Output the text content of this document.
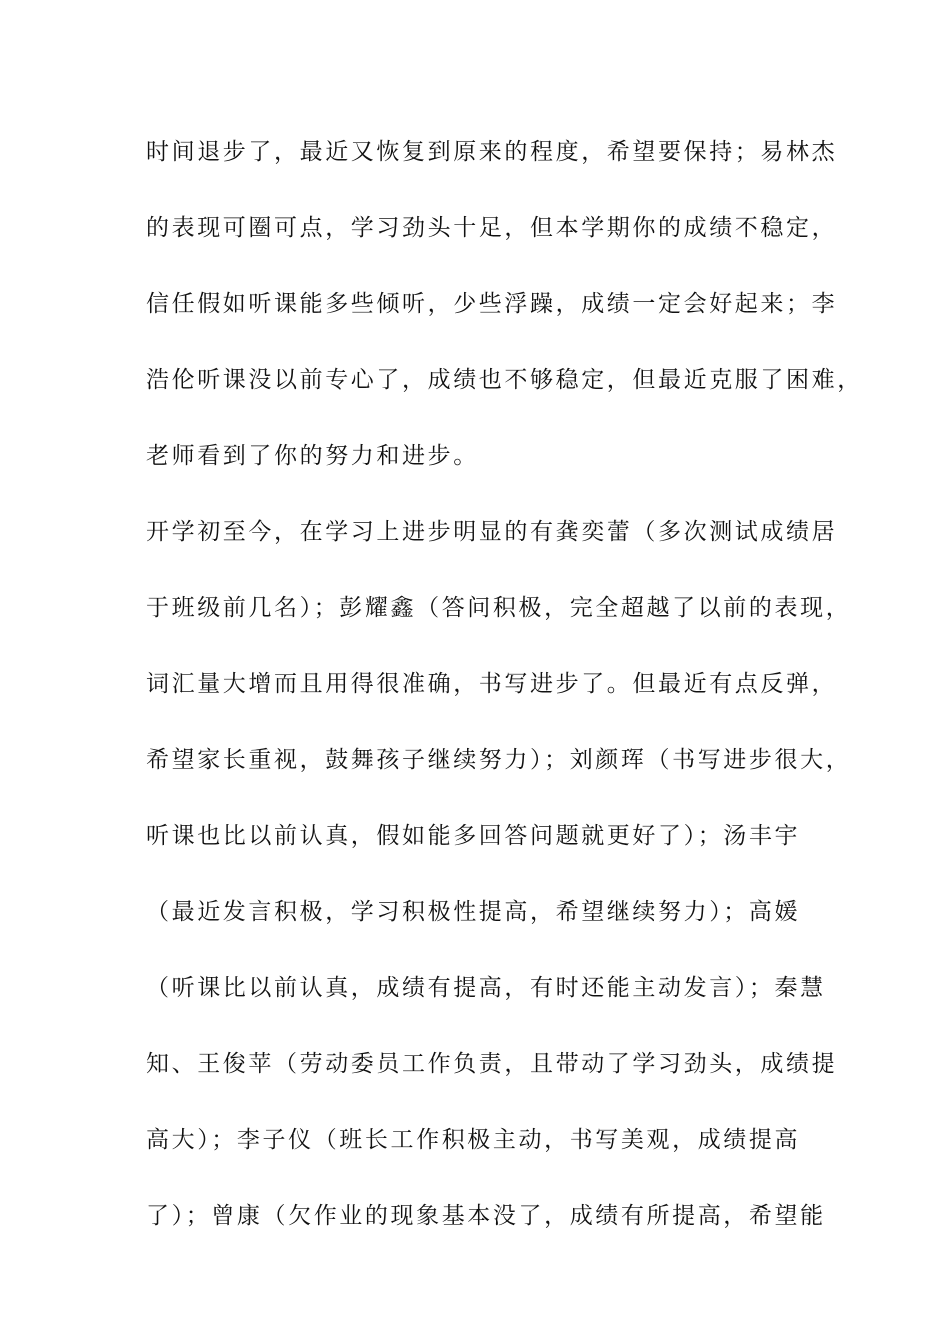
时间退步了，最近又恢复到原来的程度，希望要保持；易林杰
的表现可圈可点，学习劲头十足，但本学期你的成绩不稳定，
信任假如听课能多些倾听，少些浮躁，成绩一定会好起来；李
浩伦听课没以前专心了，成绩也不够稳定，但最近克服了困难，
老师看到了你的努力和进步。
开学初至今，在学习上进步明显的有龚奕蕾（多次测试成绩居
于班级前几名）；彭耀鑫（答问积极，完全超越了以前的表现，
词汇量大增而且用得很准确，书写进步了。但最近有点反弹，
希望家长重视，鼓舞孩子继续努力）；刘颜珲（书写进步很大，
听课也比以前认真，假如能多回答问题就更好了）；汤丰宇
（最近发言积极，学习积极性提高，希望继续努力）；高媛
（听课比以前认真，成绩有提高，有时还能主动发言）；秦慧
知、王俊苹（劳动委员工作负责，且带动了学习劲头，成绩提
高大）；李子仪（班长工作积极主动，书写美观，成绩提高
了）；曾康（欠作业的现象基本没了，成绩有所提高，希望能
